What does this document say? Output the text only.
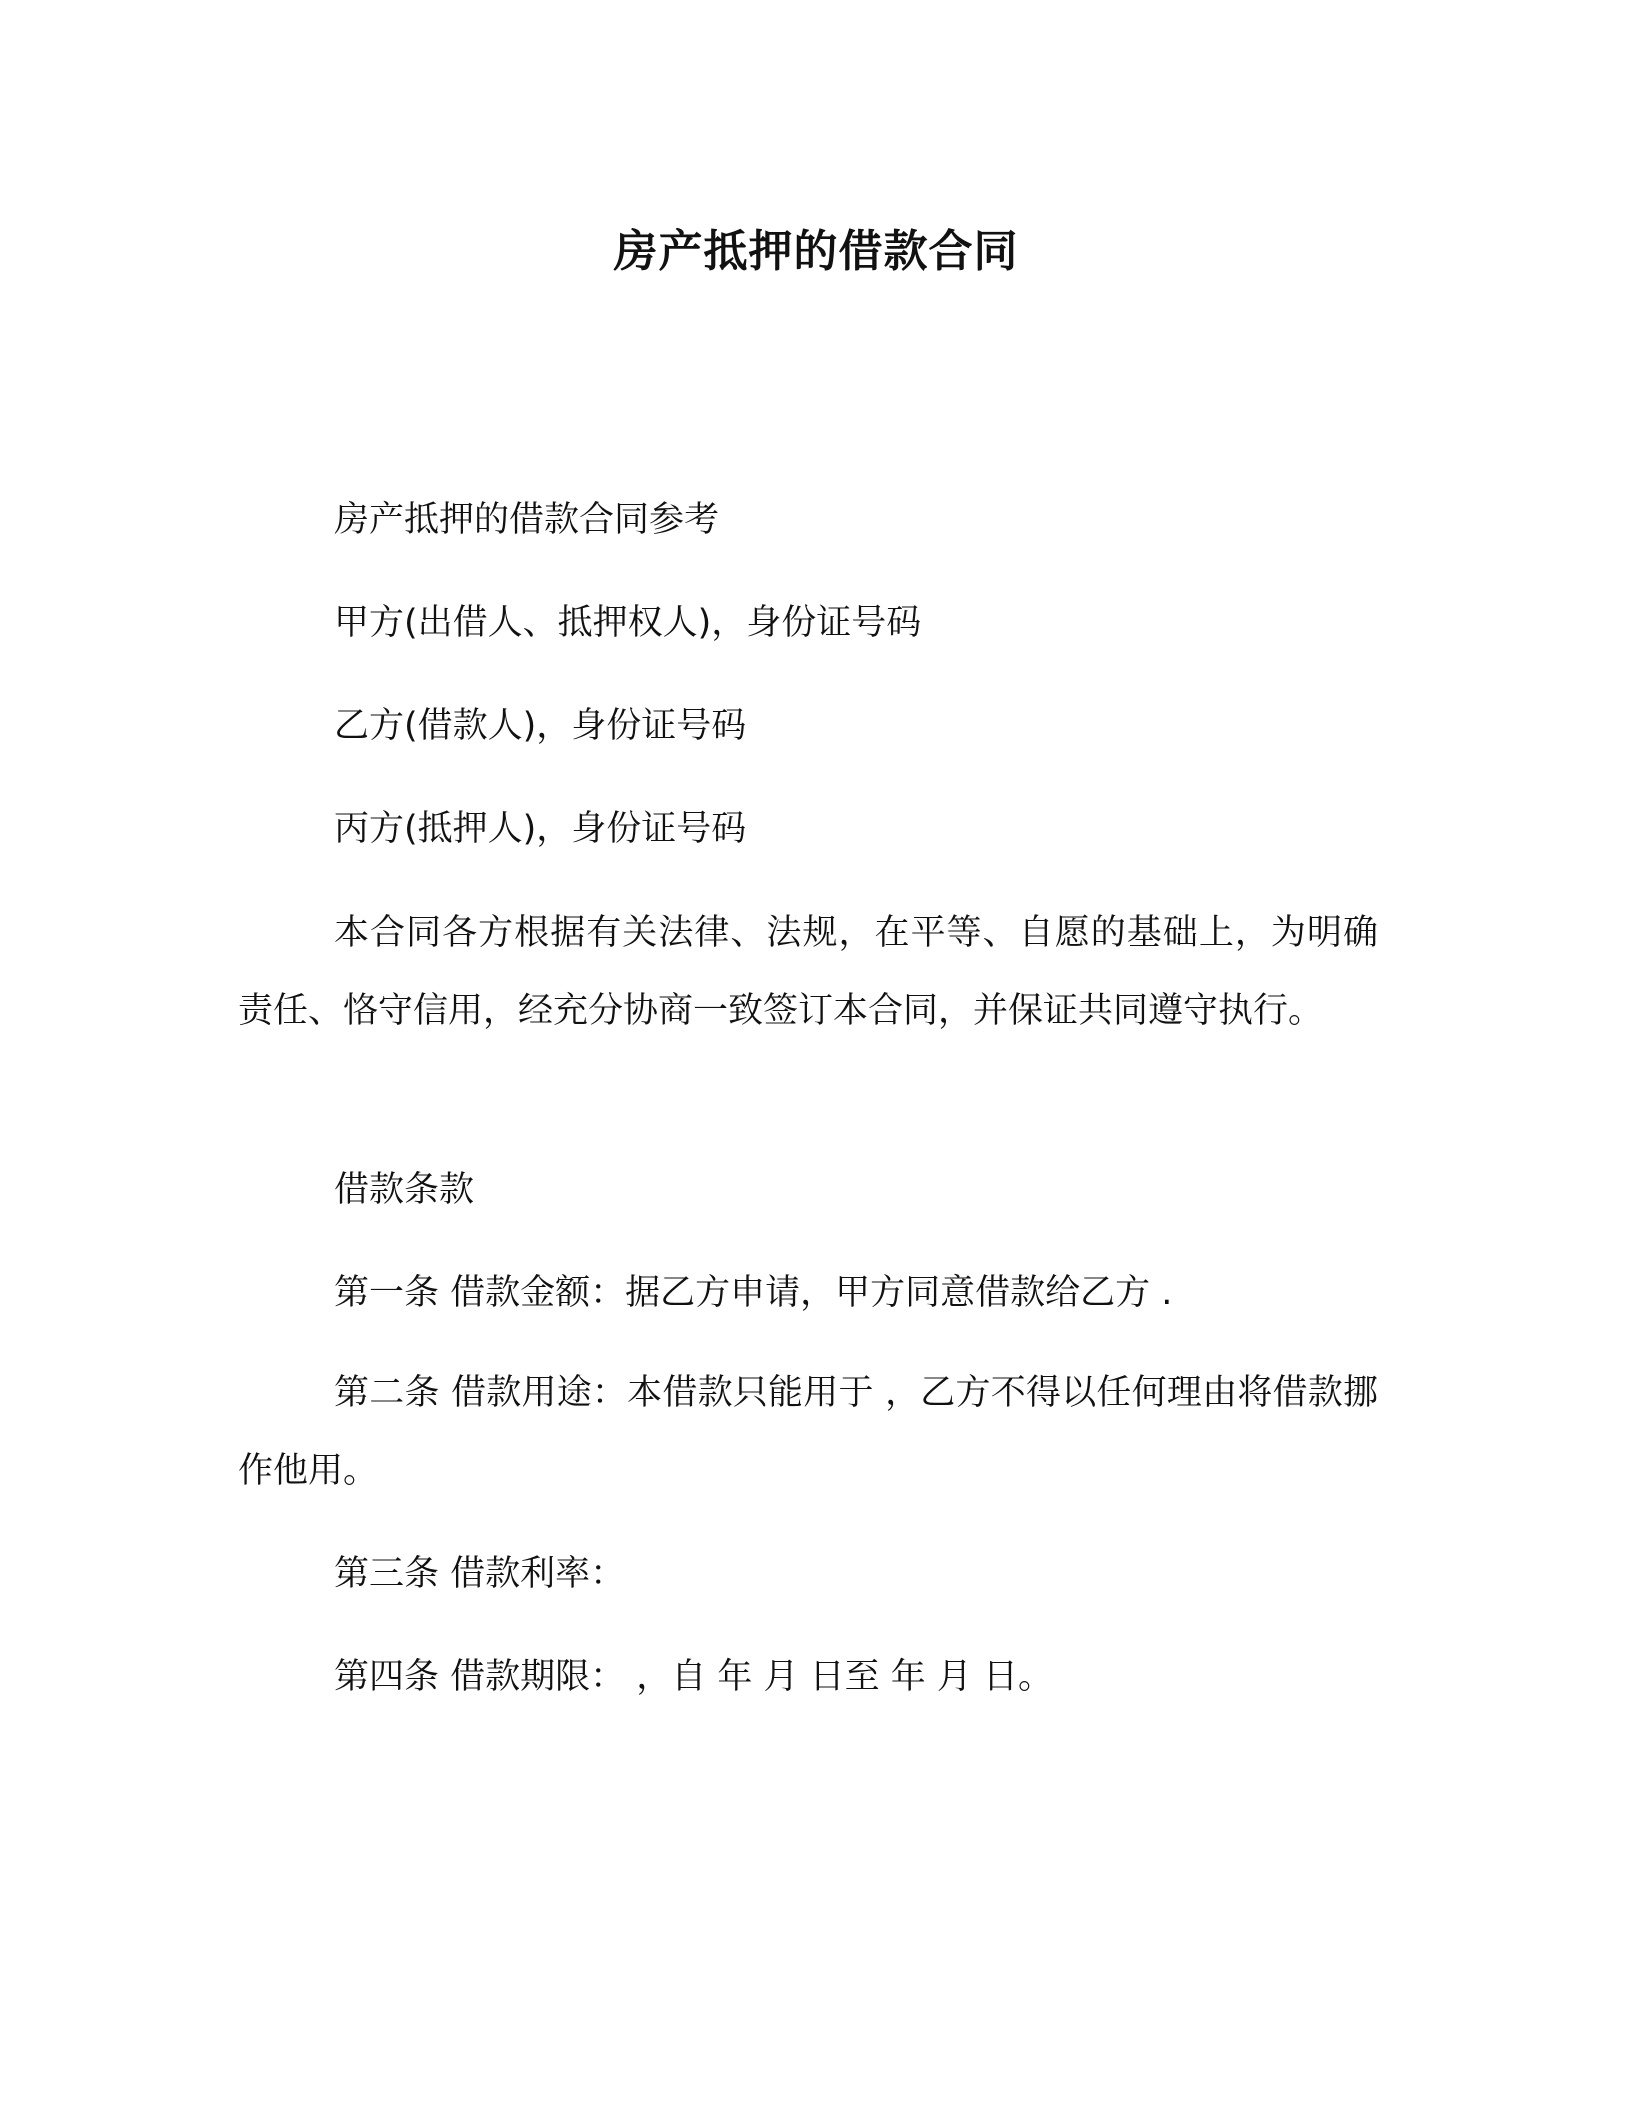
房产抵押的借款合同
房产抵押的借款合同参考
甲方(出借人、抵押权人)，身份证号码
乙方(借款人)，身份证号码
丙方(抵押人)，身份证号码
本合同各方根据有关法律、法规，在平等、自愿的基础上，为明确责任、恪守信用，经充分协商一致签订本合同，并保证共同遵守执行。
借款条款
第一条 借款金额：据乙方申请，甲方同意借款给乙方 .
第二条 借款用途：本借款只能用于 ，乙方不得以任何理由将借款挪作他用。
第三条 借款利率：
第四条 借款期限： ，自 年 月 日至 年 月 日。
